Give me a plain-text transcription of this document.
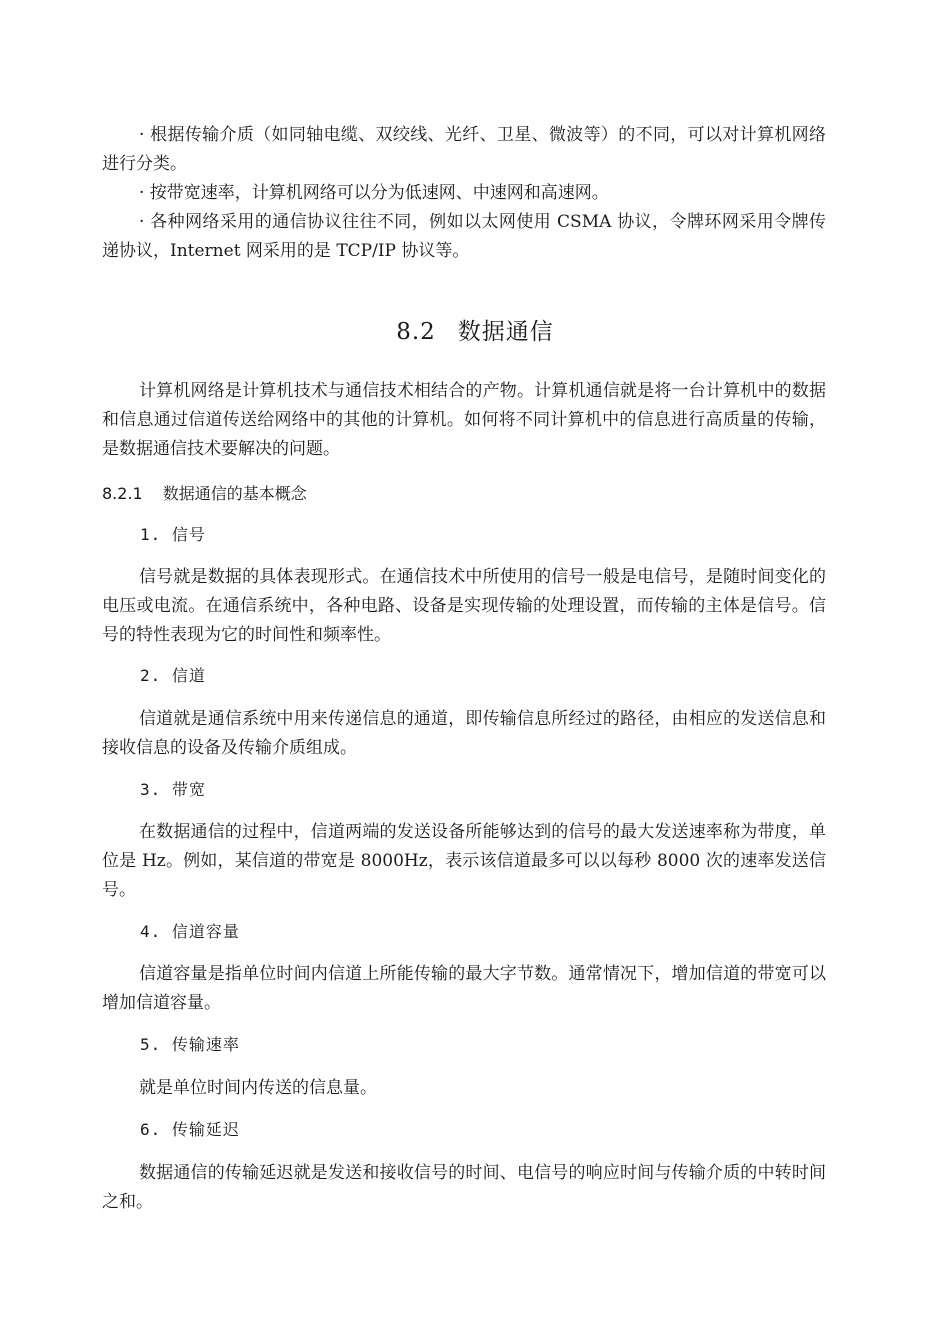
· 根据传输介质（如同轴电缆、双绞线、光纤、卫星、微波等）的不同，可以对计算机网络进行分类。

· 按带宽速率，计算机网络可以分为低速网、中速网和高速网。

· 各种网络采用的通信协议往往不同，例如以太网使用 CSMA 协议，令牌环网采用令牌传递协议，Internet 网采用的是 TCP/IP 协议等。

8.2 数据通信

计算机网络是计算机技术与通信技术相结合的产物。计算机通信就是将一台计算机中的数据和信息通过信道传送给网络中的其他的计算机。如何将不同计算机中的信息进行高质量的传输，是数据通信技术要解决的问题。

8.2.1 数据通信的基本概念
1. 信号

信号就是数据的具体表现形式。在通信技术中所使用的信号一般是电信号，是随时间变化的电压或电流。在通信系统中，各种电路、设备是实现传输的处理设置，而传输的主体是信号。信号的特性表现为它的时间性和频率性。

2. 信道

信道就是通信系统中用来传递信息的通道，即传输信息所经过的路径，由相应的发送信息和接收信息的设备及传输介质组成。

3. 带宽

在数据通信的过程中，信道两端的发送设备所能够达到的信号的最大发送速率称为带度，单位是 Hz。例如，某信道的带宽是 8000Hz，表示该信道最多可以以每秒 8000 次的速率发送信号。

4. 信道容量

信道容量是指单位时间内信道上所能传输的最大字节数。通常情况下，增加信道的带宽可以增加信道容量。

5. 传输速率

就是单位时间内传送的信息量。

6. 传输延迟

数据通信的传输延迟就是发送和接收信号的时间、电信号的响应时间与传输介质的中转时间之和。
